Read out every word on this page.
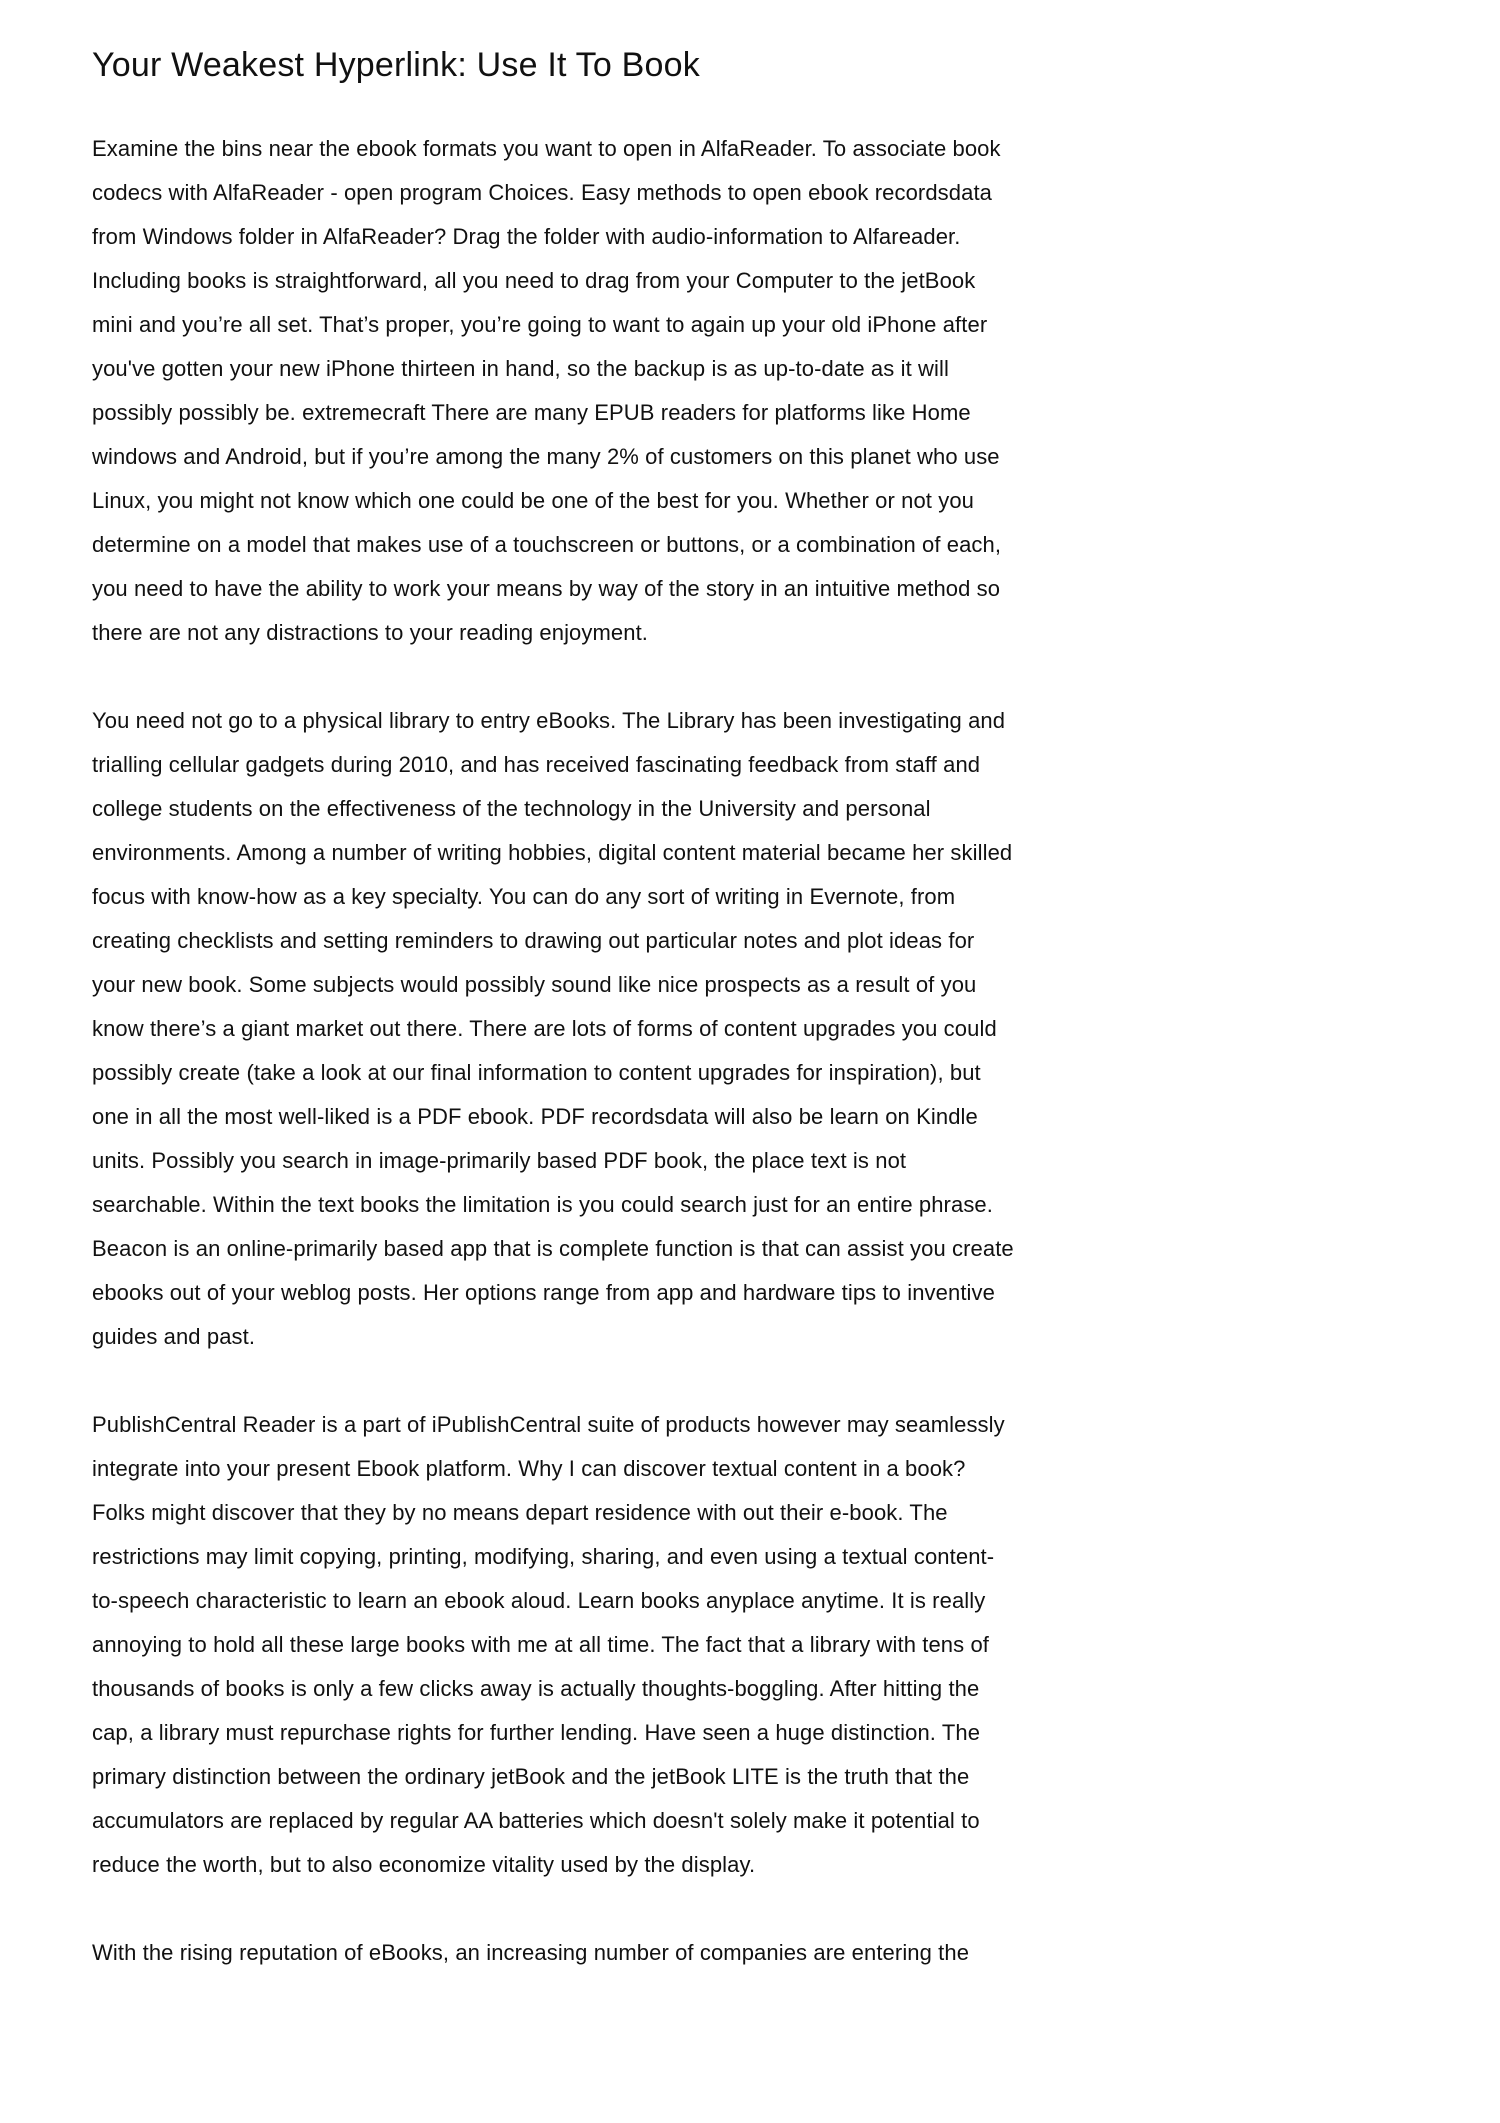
Your Weakest Hyperlink: Use It To Book

Examine the bins near the ebook formats you want to open in AlfaReader. To associate book codecs with AlfaReader - open program Choices. Easy methods to open ebook recordsdata from Windows folder in AlfaReader? Drag the folder with audio-information to Alfareader. Including books is straightforward, all you need to drag from your Computer to the jetBook mini and you’re all set. That’s proper, you’re going to want to again up your old iPhone after you've gotten your new iPhone thirteen in hand, so the backup is as up-to-date as it will possibly possibly be. extremecraft There are many EPUB readers for platforms like Home windows and Android, but if you’re among the many 2% of customers on this planet who use Linux, you might not know which one could be one of the best for you. Whether or not you determine on a model that makes use of a touchscreen or buttons, or a combination of each, you need to have the ability to work your means by way of the story in an intuitive method so there are not any distractions to your reading enjoyment.

You need not go to a physical library to entry eBooks. The Library has been investigating and trialling cellular gadgets during 2010, and has received fascinating feedback from staff and college students on the effectiveness of the technology in the University and personal environments. Among a number of writing hobbies, digital content material became her skilled focus with know-how as a key specialty. You can do any sort of writing in Evernote, from creating checklists and setting reminders to drawing out particular notes and plot ideas for your new book. Some subjects would possibly sound like nice prospects as a result of you know there’s a giant market out there. There are lots of forms of content upgrades you could possibly create (take a look at our final information to content upgrades for inspiration), but one in all the most well-liked is a PDF ebook. PDF recordsdata will also be learn on Kindle units. Possibly you search in image-primarily based PDF book, the place text is not searchable. Within the text books the limitation is you could search just for an entire phrase. Beacon is an online-primarily based app that is complete function is that can assist you create ebooks out of your weblog posts. Her options range from app and hardware tips to inventive guides and past.

PublishCentral Reader is a part of iPublishCentral suite of products however may seamlessly integrate into your present Ebook platform. Why I can discover textual content in a book? Folks might discover that they by no means depart residence with out their e-book. The restrictions may limit copying, printing, modifying, sharing, and even using a textual content-to-speech characteristic to learn an ebook aloud. Learn books anyplace anytime. It is really annoying to hold all these large books with me at all time. The fact that a library with tens of thousands of books is only a few clicks away is actually thoughts-boggling. After hitting the cap, a library must repurchase rights for further lending. Have seen a huge distinction. The primary distinction between the ordinary jetBook and the jetBook LITE is the truth that the accumulators are replaced by regular AA batteries which doesn't solely make it potential to reduce the worth, but to also economize vitality used by the display.

With the rising reputation of eBooks, an increasing number of companies are entering the
